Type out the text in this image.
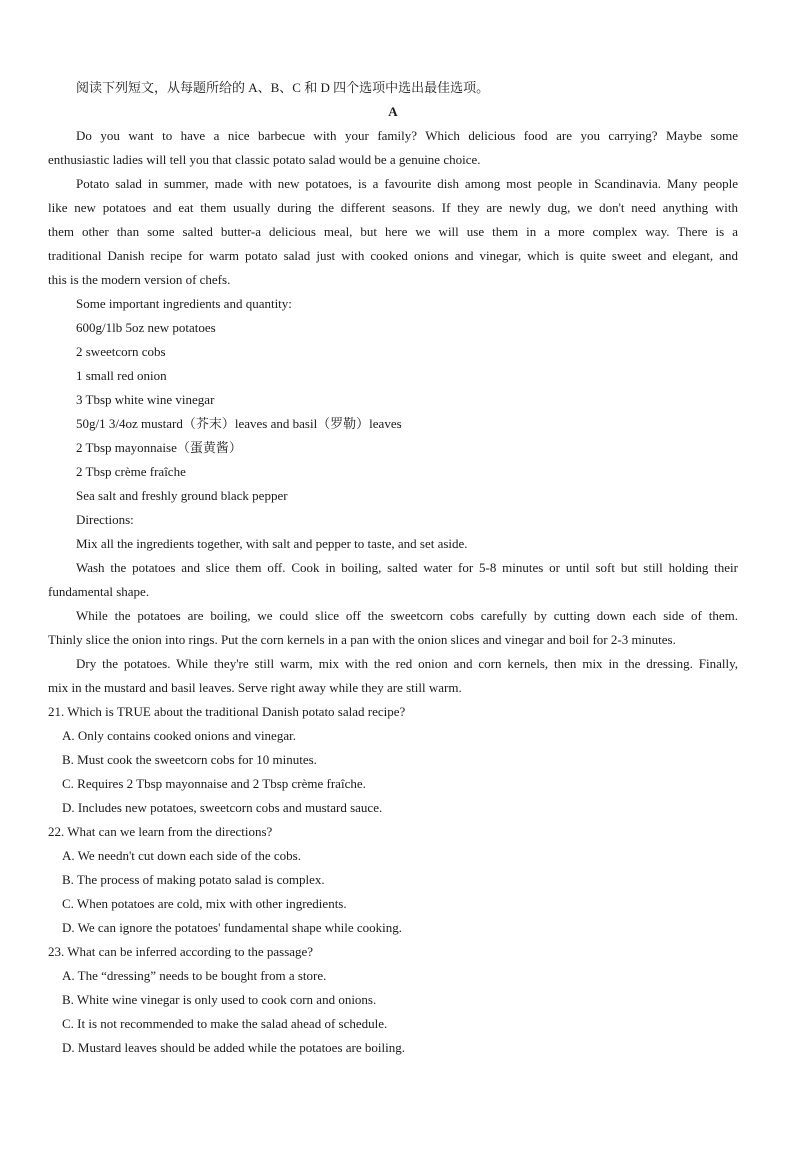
阅读下列短文，从每题所给的 A、B、C 和 D 四个选项中选出最佳选项。
A
Do you want to have a nice barbecue with your family? Which delicious food are you carrying? Maybe some
enthusiastic ladies will tell you that classic potato salad would be a genuine choice.
Potato salad in summer, made with new potatoes, is a favourite dish among most people in Scandinavia. Many people
like new potatoes and eat them usually during the different seasons. If they are newly dug, we don't need anything with
them other than some salted butter-a delicious meal, but here we will use them in a more complex way. There is a
traditional Danish recipe for warm potato salad just with cooked onions and vinegar, which is quite sweet and elegant, and
this is the modern version of chefs.
Some important ingredients and quantity:
600g/1lb 5oz new potatoes
2 sweetcorn cobs
1 small red onion
3 Tbsp white wine vinegar
50g/1 3/4oz mustard（芥末）leaves and basil（罗勒）leaves
2 Tbsp mayonnaise（蛋黄酱）
2 Tbsp crème fraîche
Sea salt and freshly ground black pepper
Directions:
Mix all the ingredients together, with salt and pepper to taste, and set aside.
Wash the potatoes and slice them off. Cook in boiling, salted water for 5-8 minutes or until soft but still holding their
fundamental shape.
While the potatoes are boiling, we could slice off the sweetcorn cobs carefully by cutting down each side of them.
Thinly slice the onion into rings. Put the corn kernels in a pan with the onion slices and vinegar and boil for 2-3 minutes.
Dry the potatoes. While they're still warm, mix with the red onion and corn kernels, then mix in the dressing. Finally,
mix in the mustard and basil leaves. Serve right away while they are still warm.
21. Which is TRUE about the traditional Danish potato salad recipe?
A. Only contains cooked onions and vinegar.
B. Must cook the sweetcorn cobs for 10 minutes.
C. Requires 2 Tbsp mayonnaise and 2 Tbsp crème fraîche.
D. Includes new potatoes, sweetcorn cobs and mustard sauce.
22. What can we learn from the directions?
A. We needn't cut down each side of the cobs.
B. The process of making potato salad is complex.
C. When potatoes are cold, mix with other ingredients.
D. We can ignore the potatoes' fundamental shape while cooking.
23. What can be inferred according to the passage?
A. The “dressing” needs to be bought from a store.
B. White wine vinegar is only used to cook corn and onions.
C. It is not recommended to make the salad ahead of schedule.
D. Mustard leaves should be added while the potatoes are boiling.
